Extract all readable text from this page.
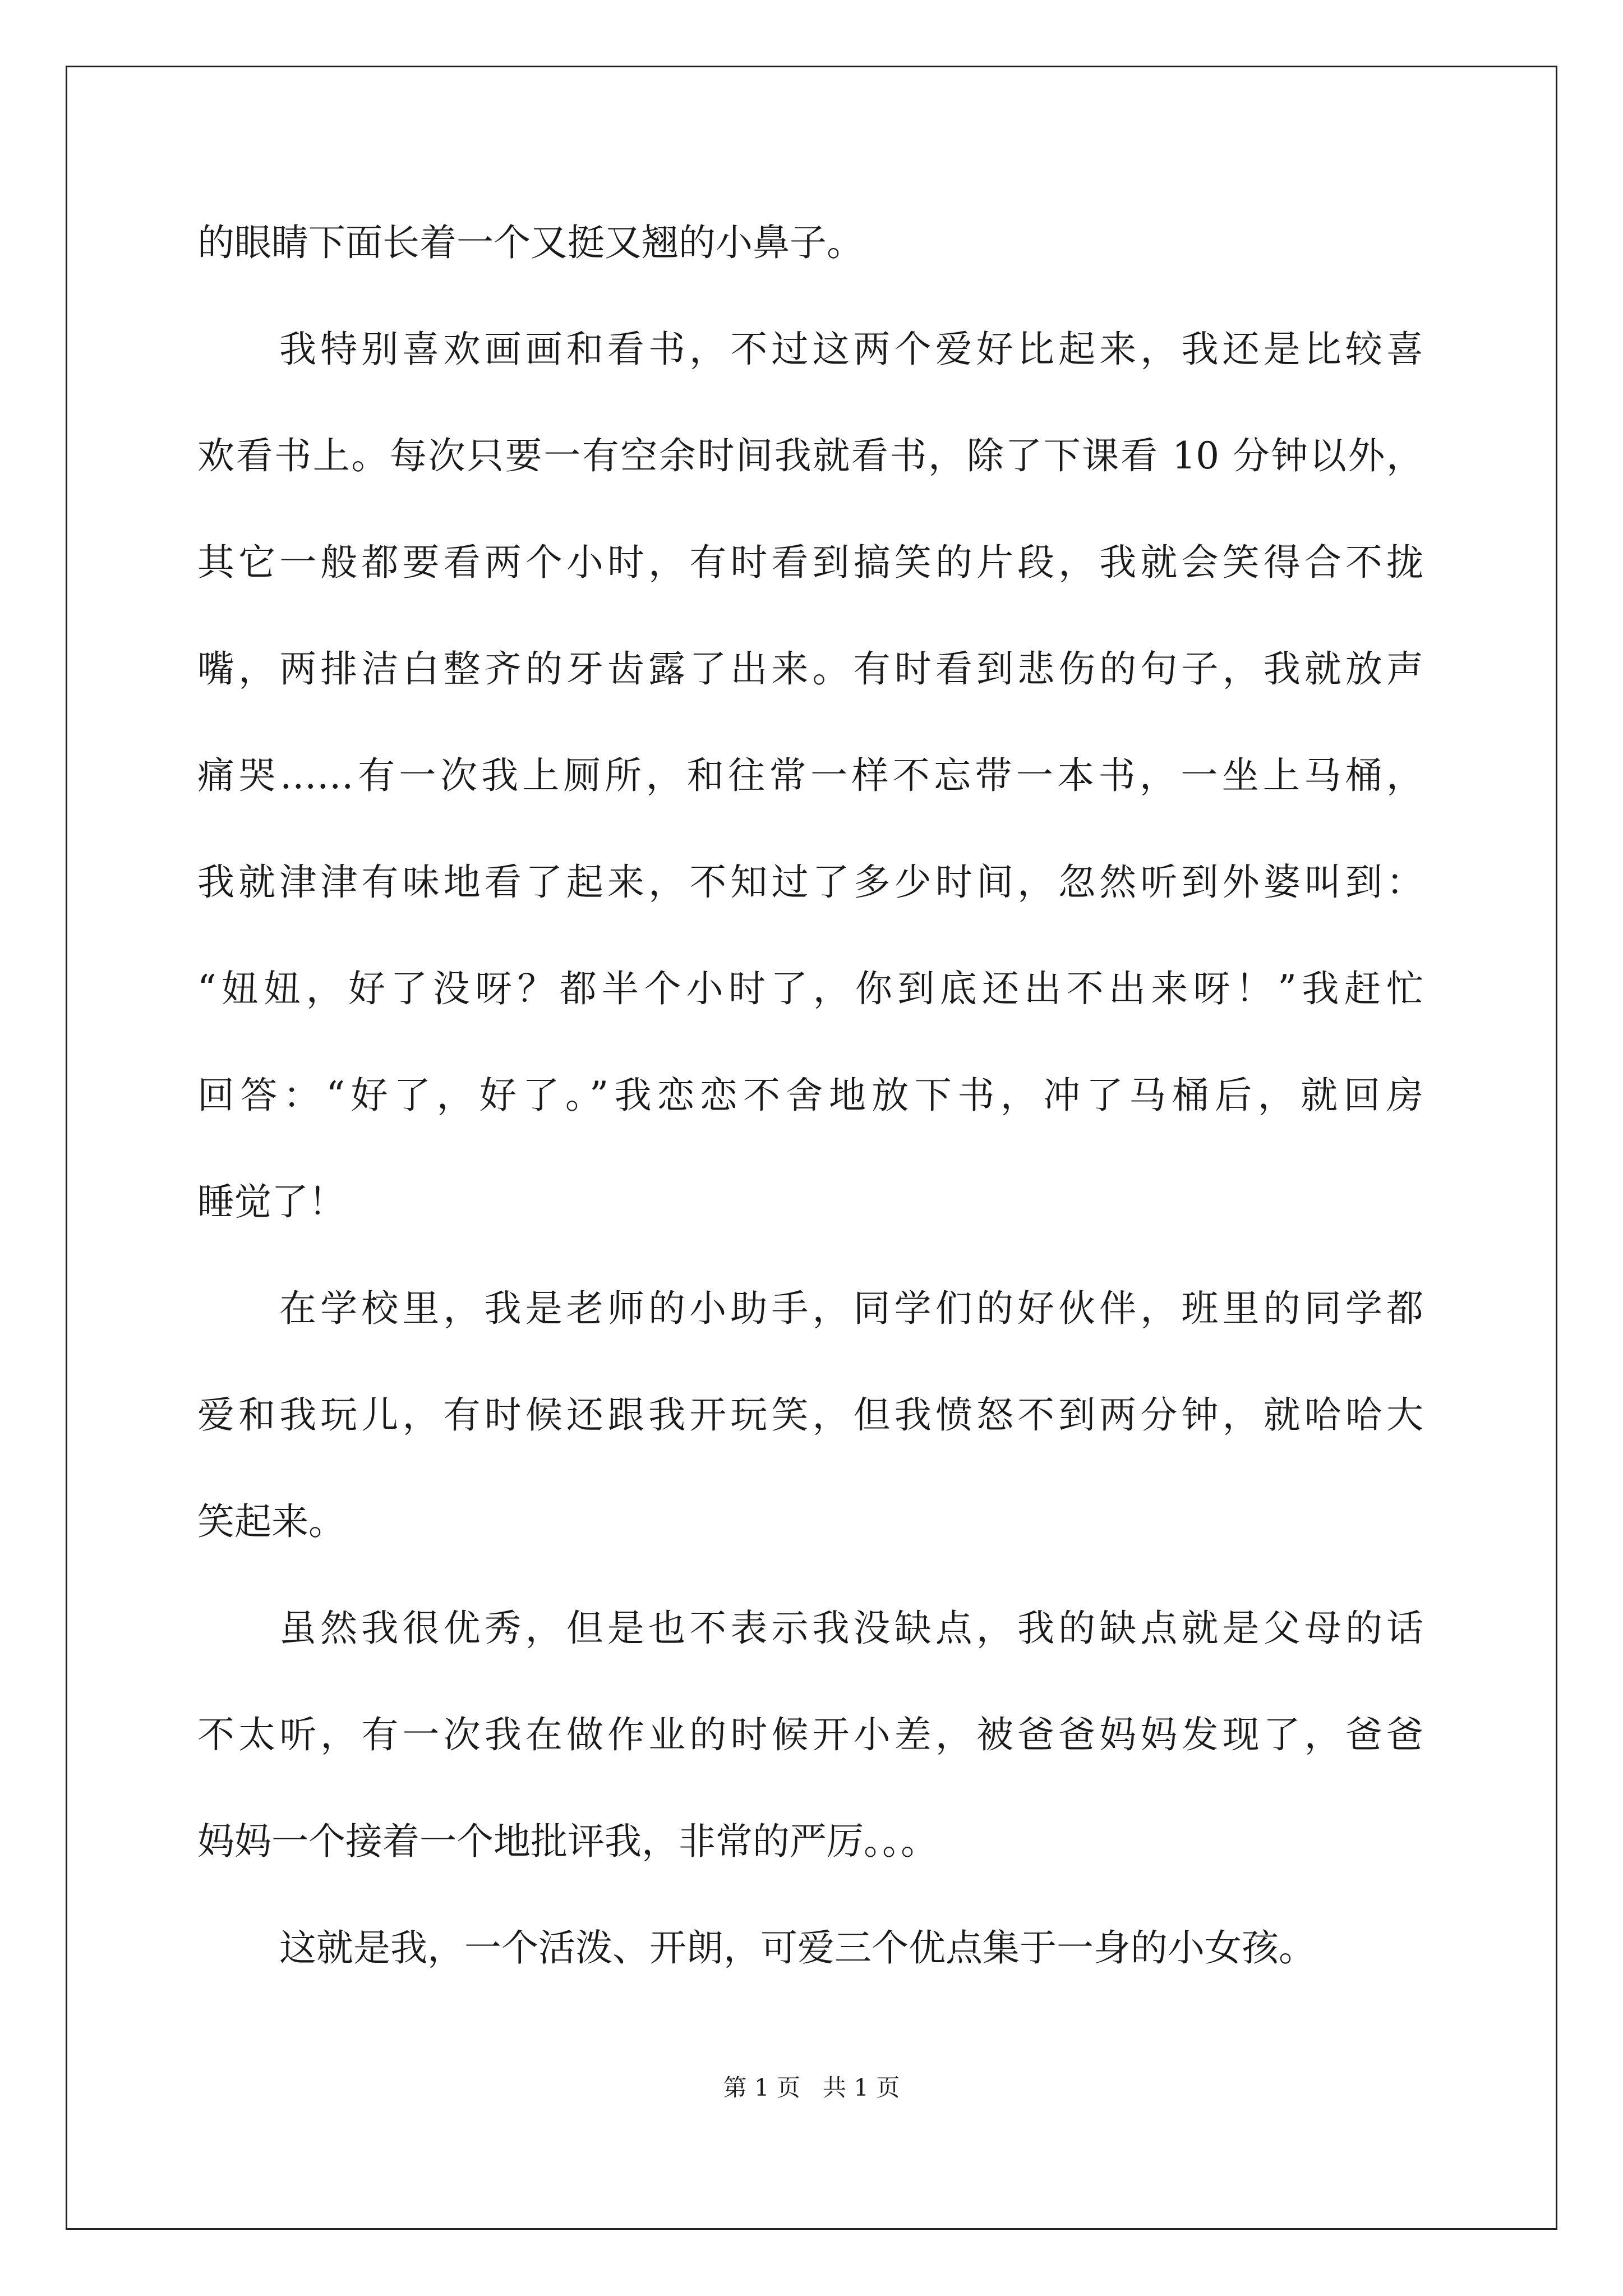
的眼睛下面长着一个又挺又翘的小鼻子。
我特别喜欢画画和看书，不过这两个爱好比起来，我还是比较喜
欢看书上。每次只要一有空余时间我就看书，除了下课看 10 分钟以外，
其它一般都要看两个小时，有时看到搞笑的片段，我就会笑得合不拢
嘴，两排洁白整齐的牙齿露了出来。有时看到悲伤的句子，我就放声
痛哭……有一次我上厕所，和往常一样不忘带一本书，一坐上马桶，
我就津津有味地看了起来，不知过了多少时间，忽然听到外婆叫到：
“妞妞，好了没呀？都半个小时了，你到底还出不出来呀！”我赶忙
回答：“好了，好了。”我恋恋不舍地放下书，冲了马桶后，就回房
睡觉了！
在学校里，我是老师的小助手，同学们的好伙伴，班里的同学都
爱和我玩儿，有时候还跟我开玩笑，但我愤怒不到两分钟，就哈哈大
笑起来。
虽然我很优秀，但是也不表示我没缺点，我的缺点就是父母的话
不太听，有一次我在做作业的时候开小差，被爸爸妈妈发现了，爸爸
妈妈一个接着一个地批评我，非常的严厉。。。
这就是我，一个活泼、开朗，可爱三个优点集于一身的小女孩。
第 1 页 共 1 页
